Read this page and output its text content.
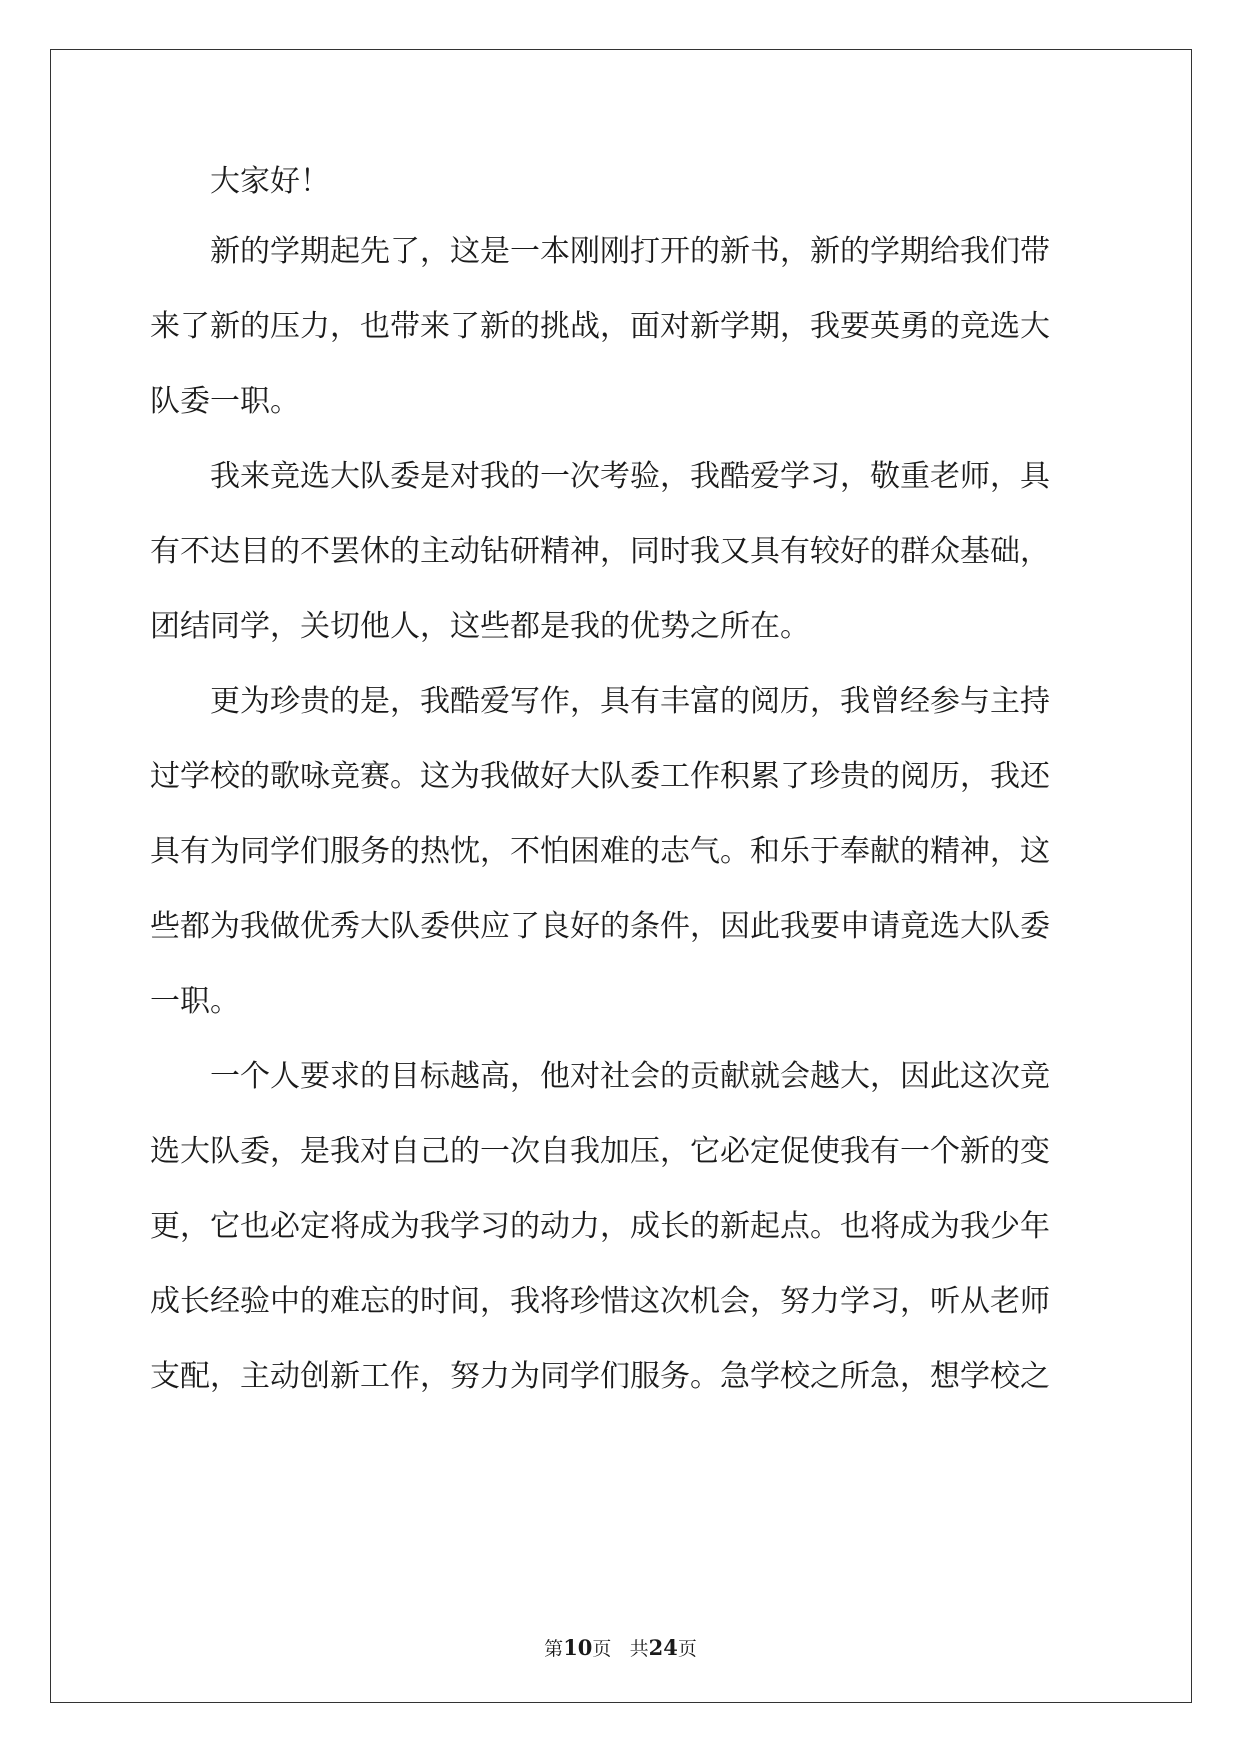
大家好！
新的学期起先了，这是一本刚刚打开的新书，新的学期给我们带
来了新的压力，也带来了新的挑战，面对新学期，我要英勇的竞选大
队委一职。
我来竞选大队委是对我的一次考验，我酷爱学习，敬重老师，具
有不达目的不罢休的主动钻研精神，同时我又具有较好的群众基础，
团结同学，关切他人，这些都是我的优势之所在。
更为珍贵的是，我酷爱写作，具有丰富的阅历，我曾经参与主持
过学校的歌咏竞赛。这为我做好大队委工作积累了珍贵的阅历，我还
具有为同学们服务的热忱，不怕困难的志气。和乐于奉献的精神，这
些都为我做优秀大队委供应了良好的条件，因此我要申请竟选大队委
一职。
一个人要求的目标越高，他对社会的贡献就会越大，因此这次竞
选大队委，是我对自己的一次自我加压，它必定促使我有一个新的变
更，它也必定将成为我学习的动力，成长的新起点。也将成为我少年
成长经验中的难忘的时间，我将珍惜这次机会，努力学习，听从老师
支配，主动创新工作，努力为同学们服务。急学校之所急，想学校之
第10页 共24页
